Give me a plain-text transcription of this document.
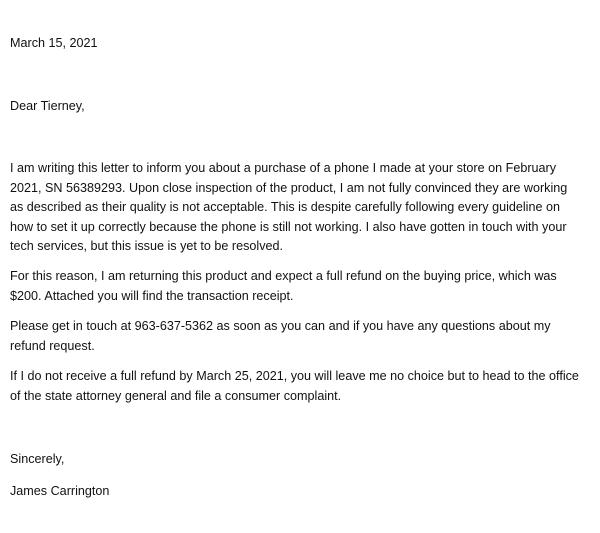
March 15, 2021

Dear Tierney,

I am writing this letter to inform you about a purchase of a phone I made at your store on February 2021, SN 56389293. Upon close inspection of the product, I am not fully convinced they are working as described as their quality is not acceptable. This is despite carefully following every guideline on how to set it up correctly because the phone is still not working. I also have gotten in touch with your tech services, but this issue is yet to be resolved.

For this reason, I am returning this product and expect a full refund on the buying price, which was $200. Attached you will find the transaction receipt.

Please get in touch at 963-637-5362 as soon as you can and if you have any questions about my refund request.

If I do not receive a full refund by March 25, 2021, you will leave me no choice but to head to the office of the state attorney general and file a consumer complaint.

Sincerely,

James Carrington
